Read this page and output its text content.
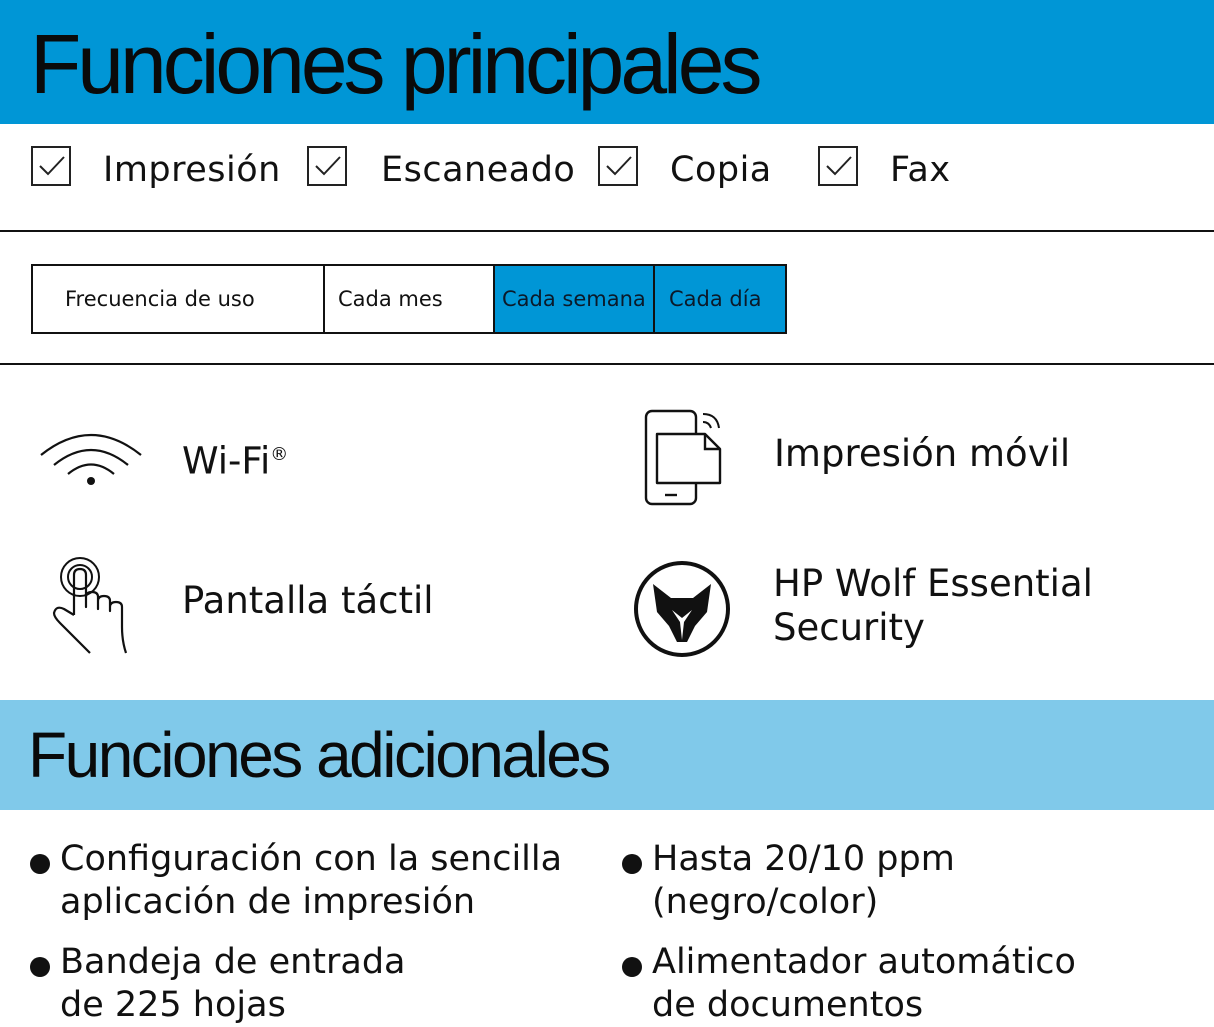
Funciones principales
Impresión	Escaneado	Copia	Fax
Frecuencia de uso	Cada mes	Cada semana	Cada día
Wi-Fi®	Impresión móvil
Pantalla táctil	HP Wolf Essential
Security
Funciones adicionales
Configuración con la sencilla
aplicación de impresión
Hasta 20/10 ppm
(negro/color)
Bandeja de entrada
de 225 hojas
Alimentador automático
de documentos
